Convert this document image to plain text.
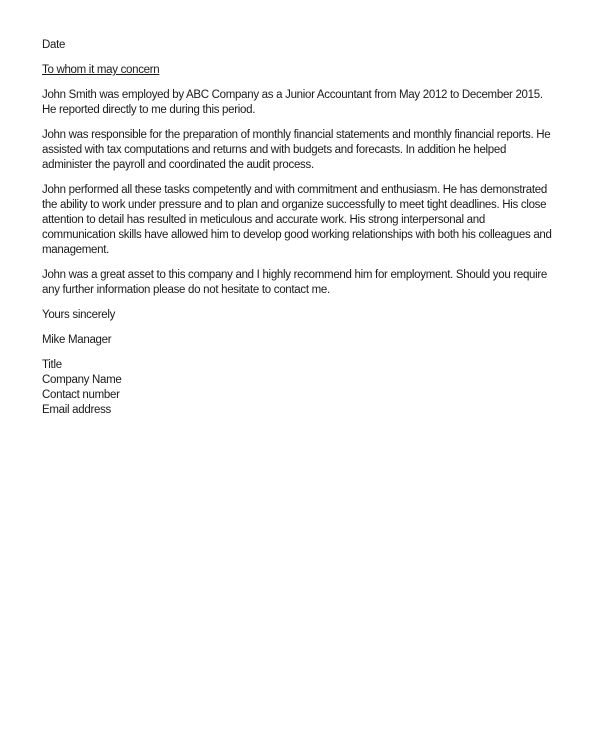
Date

To whom it may concern

John Smith was employed by ABC Company as a Junior Accountant from May 2012 to December 2015. He reported directly to me during this period.

John was responsible for the preparation of monthly financial statements and monthly financial reports. He assisted with tax computations and returns and with budgets and forecasts. In addition he helped administer the payroll and coordinated the audit process.

John performed all these tasks competently and with commitment and enthusiasm. He has demonstrated the ability to work under pressure and to plan and organize successfully to meet tight deadlines. His close attention to detail has resulted in meticulous and accurate work. His strong interpersonal and communication skills have allowed him to develop good working relationships with both his colleagues and management.

John was a great asset to this company and I highly recommend him for employment. Should you require any further information please do not hesitate to contact me.

Yours sincerely

Mike Manager

Title
Company Name
Contact number
Email address
